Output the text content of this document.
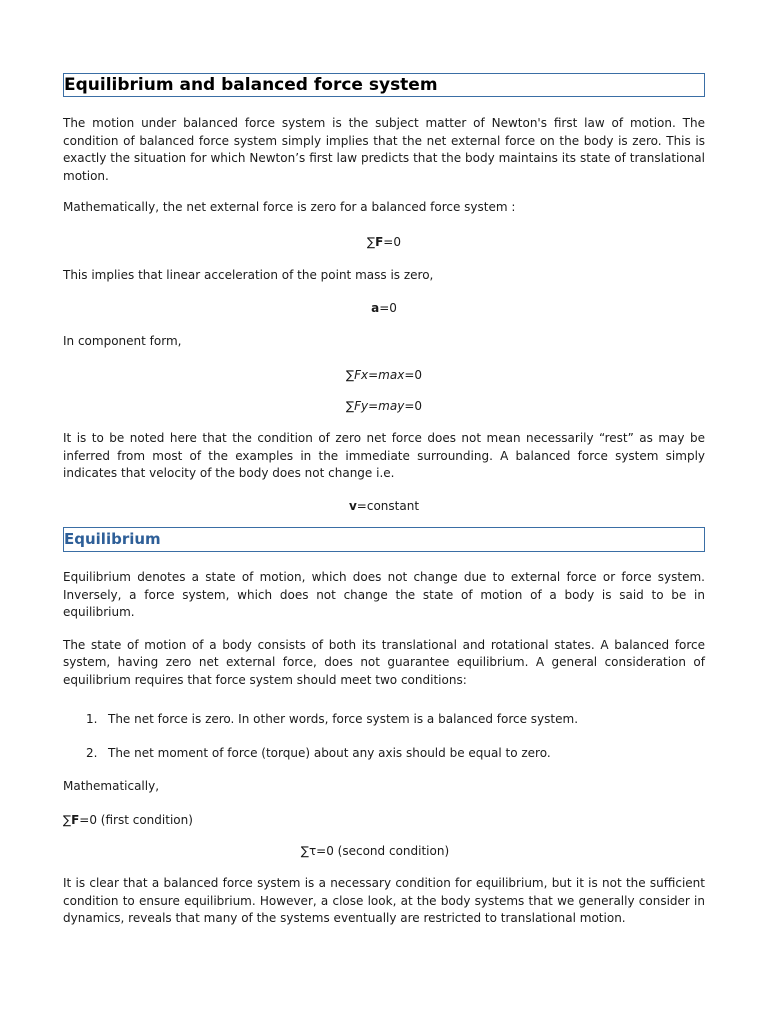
Equilibrium and balanced force system

The motion under balanced force system is the subject matter of Newton's first law of motion. The condition of balanced force system simply implies that the net external force on the body is zero. This is exactly the situation for which Newton’s first law predicts that the body maintains its state of translational motion.

Mathematically, the net external force is zero for a balanced force system :

∑F=0

This implies that linear acceleration of the point mass is zero,

a=0

In component form,

∑Fx=max=0
∑Fy=may=0

It is to be noted here that the condition of zero net force does not mean necessarily “rest” as may be inferred from most of the examples in the immediate surrounding. A balanced force system simply indicates that velocity of the body does not change i.e.

v=constant
Equilibrium

Equilibrium denotes a state of motion, which does not change due to external force or force system. Inversely, a force system, which does not change the state of motion of a body is said to be in equilibrium.

The state of motion of a body consists of both its translational and rotational states. A balanced force system, having zero net external force, does not guarantee equilibrium. A general consideration of equilibrium requires that force system should meet two conditions:

1. The net force is zero. In other words, force system is a balanced force system.
2. The net moment of force (torque) about any axis should be equal to zero.

Mathematically,

∑F=0 (first condition)
∑τ=0 (second condition)

It is clear that a balanced force system is a necessary condition for equilibrium, but it is not the sufficient condition to ensure equilibrium. However, a close look, at the body systems that we generally consider in dynamics, reveals that many of the systems eventually are restricted to translational motion.
